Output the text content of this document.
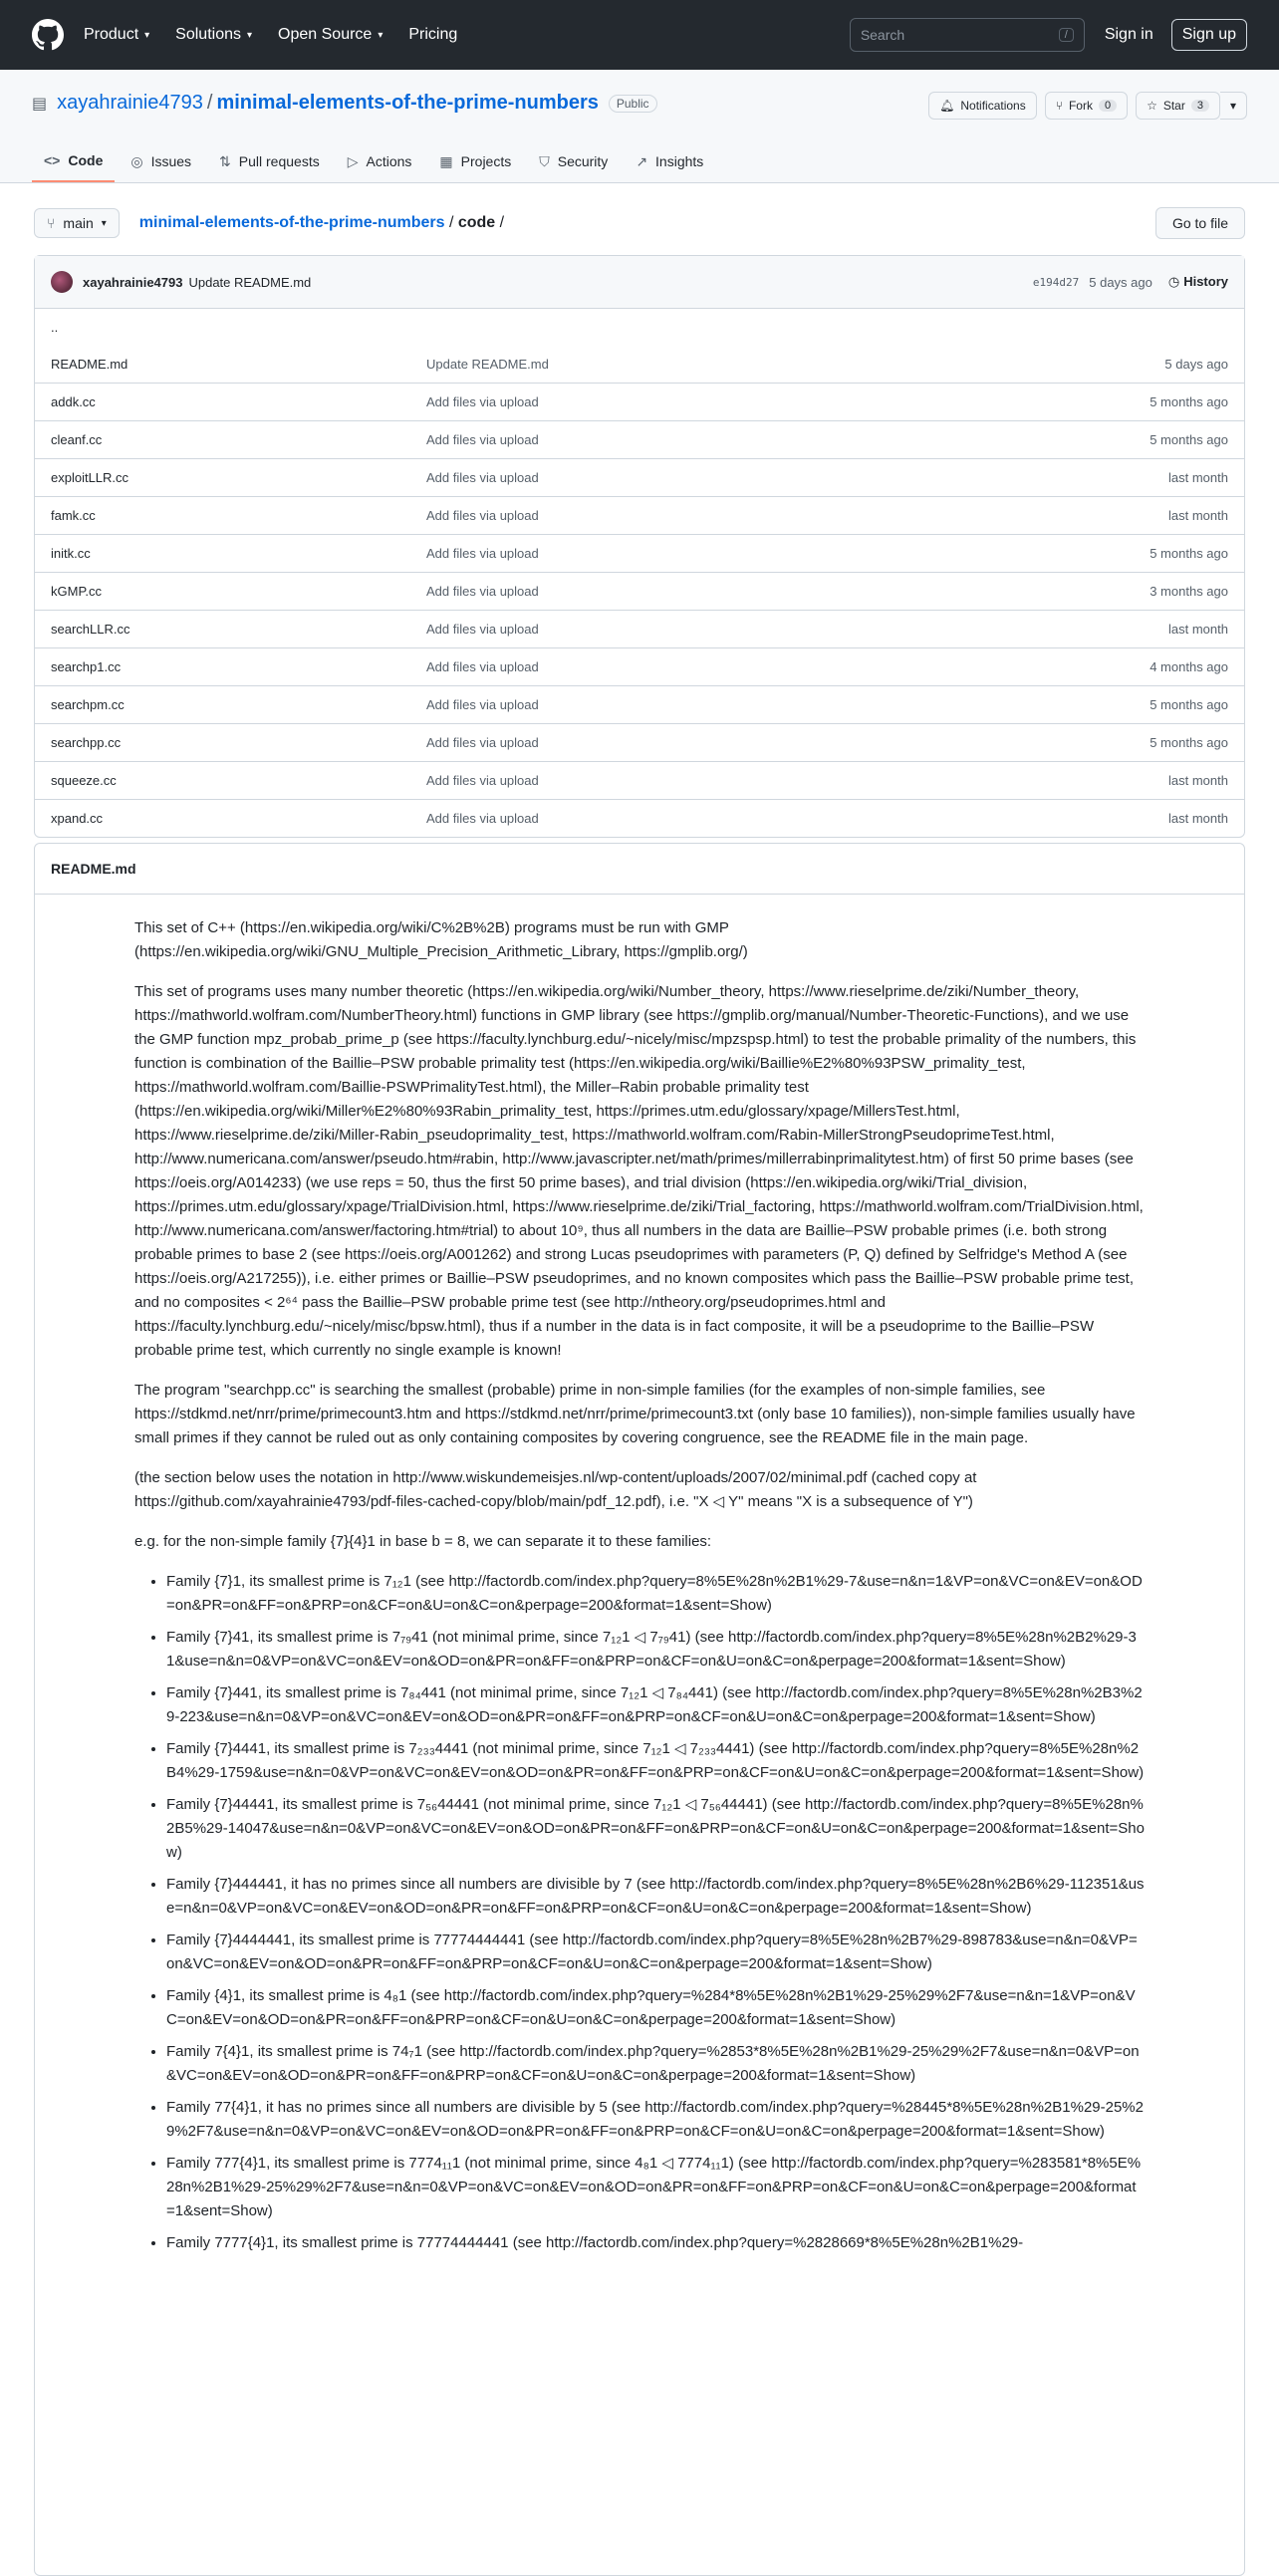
Product ▾ Solutions ▾ Open Source ▾ Pricing	Search	/	Sign in	Sign up
▤ xayahrainie4793 / minimal-elements-of-the-prime-numbers	Public	🔔︎ Notifications	⑂ Fork	0	☆ Star	3	▾
<> Code ◎ Issues ⇅ Pull requests ▷ Actions ▦ Projects ⛉ Security ↗ Insights
⑂ main ▾ minimal-elements-of-the-prime-numbers / code /	Go to file
xayahrainie4793 Update README.md	e194d27 5 days ago ◷ History
..
README.md	Update README.md	5 days ago
addk.cc	Add files via upload	5 months ago
cleanf.cc	Add files via upload	5 months ago
exploitLLR.cc	Add files via upload	last month
famk.cc	Add files via upload	last month
initk.cc	Add files via upload	5 months ago
kGMP.cc	Add files via upload	3 months ago
searchLLR.cc	Add files via upload	last month
searchp1.cc	Add files via upload	4 months ago
searchpm.cc	Add files via upload	5 months ago
searchpp.cc	Add files via upload	5 months ago
squeeze.cc	Add files via upload	last month
xpand.cc	Add files via upload	last month
README.md

This set of C++ (https://en.wikipedia.org/wiki/C%2B%2B) programs must be run with GMP (https://en.wikipedia.org/wiki/GNU_Multiple_Precision_Arithmetic_Library, https://gmplib.org/)

This set of programs uses many number theoretic (https://en.wikipedia.org/wiki/Number_theory, https://www.rieselprime.de/ziki/Number_theory, https://mathworld.wolfram.com/NumberTheory.html) functions in GMP library (see https://gmplib.org/manual/Number-Theoretic-Functions), and we use the GMP function mpz_probab_prime_p (see https://faculty.lynchburg.edu/~nicely/misc/mpzspsp.html) to test the probable primality of the numbers, this function is combination of the Baillie–PSW probable primality test (https://en.wikipedia.org/wiki/Baillie%E2%80%93PSW_primality_test, https://mathworld.wolfram.com/Baillie-PSWPrimalityTest.html), the Miller–Rabin probable primality test (https://en.wikipedia.org/wiki/Miller%E2%80%93Rabin_primality_test, https://primes.utm.edu/glossary/xpage/MillersTest.html, https://www.rieselprime.de/ziki/Miller-Rabin_pseudoprimality_test, https://mathworld.wolfram.com/Rabin-MillerStrongPseudoprimeTest.html, http://www.numericana.com/answer/pseudo.htm#rabin, http://www.javascripter.net/math/primes/millerrabinprimalitytest.htm) of first 50 prime bases (see https://oeis.org/A014233) (we use reps = 50, thus the first 50 prime bases), and trial division (https://en.wikipedia.org/wiki/Trial_division, https://primes.utm.edu/glossary/xpage/TrialDivision.html, https://www.rieselprime.de/ziki/Trial_factoring, https://mathworld.wolfram.com/TrialDivision.html, http://www.numericana.com/answer/factoring.htm#trial) to about 10⁹, thus all numbers in the data are Baillie–PSW probable primes (i.e. both strong probable primes to base 2 (see https://oeis.org/A001262) and strong Lucas pseudoprimes with parameters (P, Q) defined by Selfridge's Method A (see https://oeis.org/A217255)), i.e. either primes or Baillie–PSW pseudoprimes, and no known composites which pass the Baillie–PSW probable prime test, and no composites < 2⁶⁴ pass the Baillie–PSW probable prime test (see http://ntheory.org/pseudoprimes.html and https://faculty.lynchburg.edu/~nicely/misc/bpsw.html), thus if a number in the data is in fact composite, it will be a pseudoprime to the Baillie–PSW probable prime test, which currently no single example is known!

The program "searchpp.cc" is searching the smallest (probable) prime in non-simple families (for the examples of non-simple families, see https://stdkmd.net/nrr/prime/primecount3.htm and https://stdkmd.net/nrr/prime/primecount3.txt (only base 10 families)), non-simple families usually have small primes if they cannot be ruled out as only containing composites by covering congruence, see the README file in the main page.

(the section below uses the notation in http://www.wiskundemeisjes.nl/wp-content/uploads/2007/02/minimal.pdf (cached copy at https://github.com/xayahrainie4793/pdf-files-cached-copy/blob/main/pdf_12.pdf), i.e. "X ◁ Y" means "X is a subsequence of Y")

e.g. for the non-simple family {7}{4}1 in base b = 8, we can separate it to these families:

• Family {7}1, its smallest prime is 7₁₂1 (see http://factordb.com/index.php?query=8%5E%28n%2B1%29-7&use=n&n=1&VP=on&VC=on&EV=on&OD=on&PR=on&FF=on&PRP=on&CF=on&U=on&C=on&perpage=200&format=1&sent=Show)
• Family {7}41, its smallest prime is 7₇₉41 (not minimal prime, since 7₁₂1 ◁ 7₇₉41) (see http://factordb.com/index.php?query=8%5E%28n%2B2%29-31&use=n&n=0&VP=on&VC=on&EV=on&OD=on&PR=on&FF=on&PRP=on&CF=on&U=on&C=on&perpage=200&format=1&sent=Show)
• Family {7}441, its smallest prime is 7₈₄441 (not minimal prime, since 7₁₂1 ◁ 7₈₄441) (see http://factordb.com/index.php?query=8%5E%28n%2B3%29-223&use=n&n=0&VP=on&VC=on&EV=on&OD=on&PR=on&FF=on&PRP=on&CF=on&U=on&C=on&perpage=200&format=1&sent=Show)
• Family {7}4441, its smallest prime is 7₂₃₃4441 (not minimal prime, since 7₁₂1 ◁ 7₂₃₃4441) (see http://factordb.com/index.php?query=8%5E%28n%2B4%29-1759&use=n&n=0&VP=on&VC=on&EV=on&OD=on&PR=on&FF=on&PRP=on&CF=on&U=on&C=on&perpage=200&format=1&sent=Show)
• Family {7}44441, its smallest prime is 7₅₆44441 (not minimal prime, since 7₁₂1 ◁ 7₅₆44441) (see http://factordb.com/index.php?query=8%5E%28n%2B5%29-14047&use=n&n=0&VP=on&VC=on&EV=on&OD=on&PR=on&FF=on&PRP=on&CF=on&U=on&C=on&perpage=200&format=1&sent=Show)
• Family {7}444441, it has no primes since all numbers are divisible by 7 (see http://factordb.com/index.php?query=8%5E%28n%2B6%29-112351&use=n&n=0&VP=on&VC=on&EV=on&OD=on&PR=on&FF=on&PRP=on&CF=on&U=on&C=on&perpage=200&format=1&sent=Show)
• Family {7}4444441, its smallest prime is 77774444441 (see http://factordb.com/index.php?query=8%5E%28n%2B7%29-898783&use=n&n=0&VP=on&VC=on&EV=on&OD=on&PR=on&FF=on&PRP=on&CF=on&U=on&C=on&perpage=200&format=1&sent=Show)
• Family {4}1, its smallest prime is 4₈1 (see http://factordb.com/index.php?query=%284*8%5E%28n%2B1%29-25%29%2F7&use=n&n=1&VP=on&VC=on&EV=on&OD=on&PR=on&FF=on&PRP=on&CF=on&U=on&C=on&perpage=200&format=1&sent=Show)
• Family 7{4}1, its smallest prime is 74₇1 (see http://factordb.com/index.php?query=%2853*8%5E%28n%2B1%29-25%29%2F7&use=n&n=0&VP=on&VC=on&EV=on&OD=on&PR=on&FF=on&PRP=on&CF=on&U=on&C=on&perpage=200&format=1&sent=Show)
• Family 77{4}1, it has no primes since all numbers are divisible by 5 (see http://factordb.com/index.php?query=%28445*8%5E%28n%2B1%29-25%29%2F7&use=n&n=0&VP=on&VC=on&EV=on&OD=on&PR=on&FF=on&PRP=on&CF=on&U=on&C=on&perpage=200&format=1&sent=Show)
• Family 777{4}1, its smallest prime is 7774₁₁1 (not minimal prime, since 4₈1 ◁ 7774₁₁1) (see http://factordb.com/index.php?query=%283581*8%5E%28n%2B1%29-25%29%2F7&use=n&n=0&VP=on&VC=on&EV=on&OD=on&PR=on&FF=on&PRP=on&CF=on&U=on&C=on&perpage=200&format=1&sent=Show)
• Family 7777{4}1, its smallest prime is 77774444441 (see http://factordb.com/index.php?query=%2828669*8%5E%28n%2B1%29-
